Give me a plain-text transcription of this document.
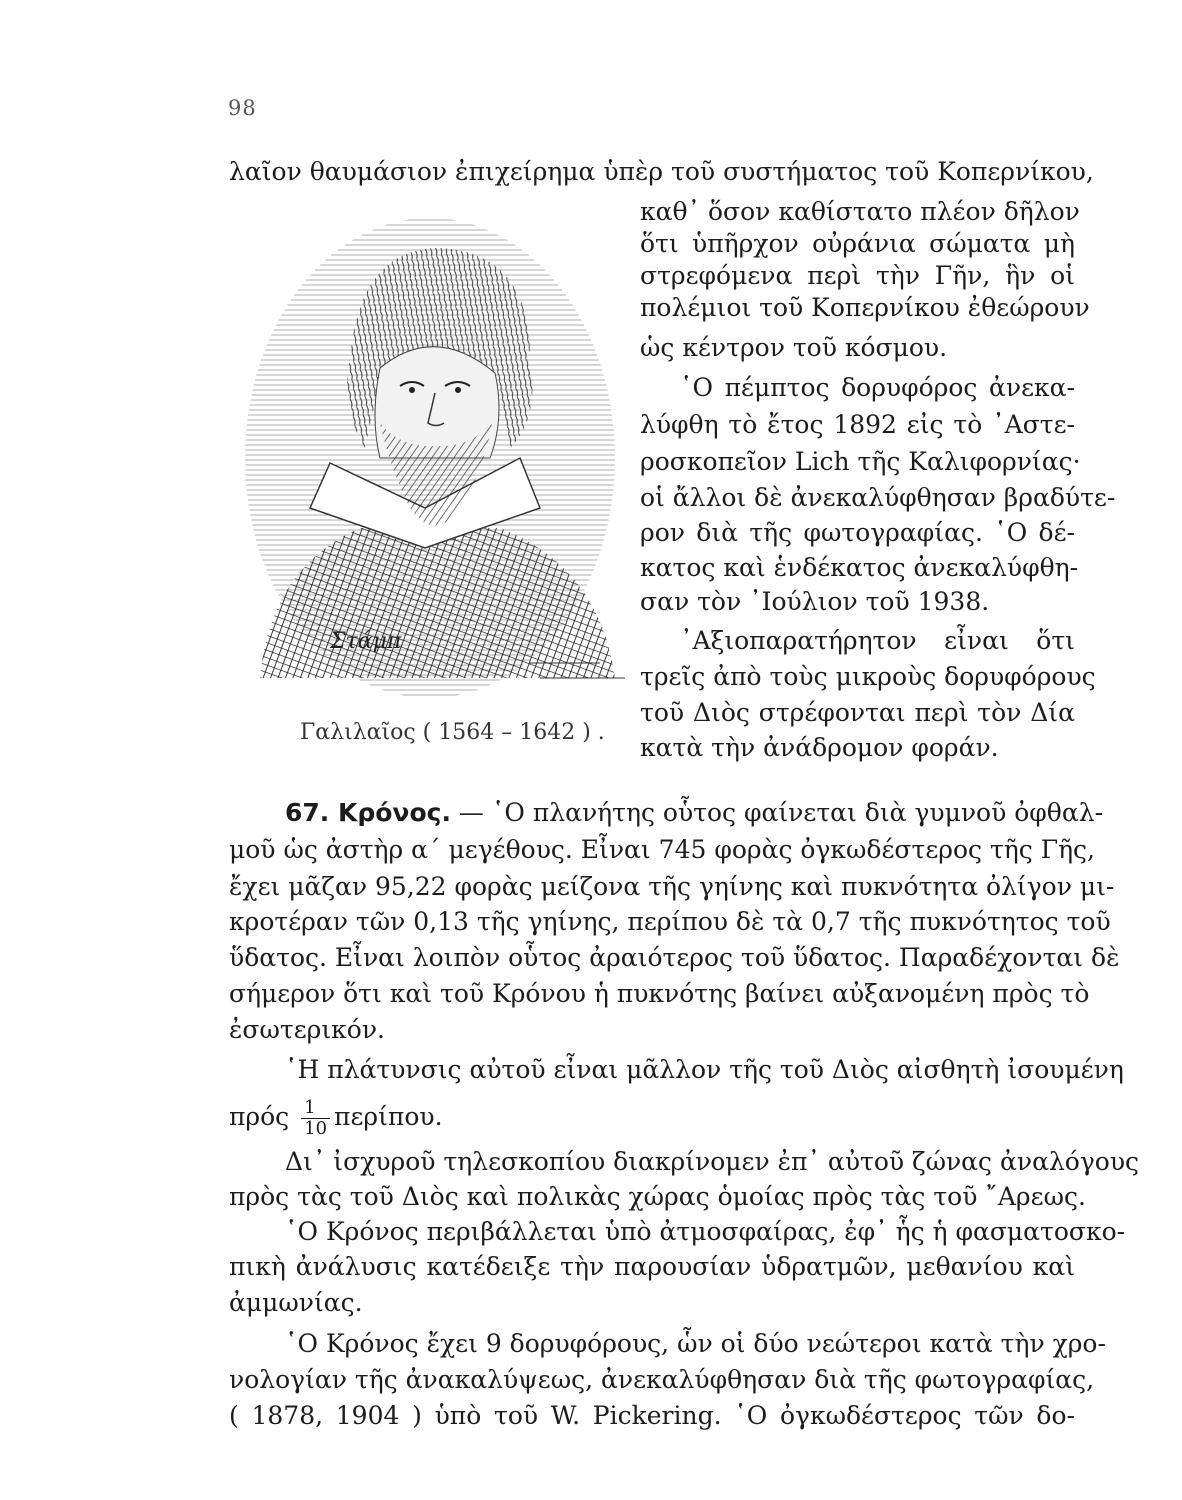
98
λαῖον θαυμάσιον ἐπιχείρημα ὑπὲρ τοῦ συστήματος τοῦ Κοπερνίκου,
καθ᾿ ὅσον καθίστατο πλέον δῆλον
ὅτι ὑπῆρχον οὐράνια σώματα μὴ
στρεφόμενα περὶ τὴν Γῆν, ἣν οἱ
πολέμιοι τοῦ Κοπερνίκου ἐθεώρουν
ὡς κέντρον τοῦ κόσμου.
῾Ο πέμπτος δορυφόρος ἀνεκα-
λύφθη τὸ ἔτος 1892 εἰς τὸ ᾿Αστε-
ροσκοπεῖον Lich τῆς Καλιφορνίας·
οἱ ἄλλοι δὲ ἀνεκαλύφθησαν βραδύτε-
ρον διὰ τῆς φωτογραφίας. ῾Ο δέ-
κατος καὶ ἑνδέκατος ἀνεκαλύφθη-
σαν τὸν ᾿Ιούλιον τοῦ 1938.
᾿Αξιοπαρατήρητον εἶναι ὅτι
τρεῖς ἀπὸ τοὺς μικροὺς δορυφόρους
τοῦ Διὸς στρέφονται περὶ τὸν Δία
κατὰ τὴν ἀνάδρομον φοράν.
Στάμπ
Γαλιλαῖος ( 1564 – 1642 ) .
67. Κρόνος. — ῾Ο πλανήτης οὗτος φαίνεται διὰ γυμνοῦ ὀφθαλ-
μοῦ ὡς ἀστὴρ α΄ μεγέθους. Εἶναι 745 φορὰς ὀγκωδέστερος τῆς Γῆς,
ἔχει μᾶζαν 95,22 φορὰς μείζονα τῆς γηίνης καὶ πυκνότητα ὀλίγον μι-
κροτέραν τῶν 0,13 τῆς γηίνης, περίπου δὲ τὰ 0,7 τῆς πυκνότητος τοῦ
ὕδατος. Εἶναι λοιπὸν οὗτος ἀραιότερος τοῦ ὕδατος. Παραδέχονται δὲ
σήμερον ὅτι καὶ τοῦ Κρόνου ἡ πυκνότης βαίνει αὐξανομένη πρὸς τὸ
ἐσωτερικόν.
῾Η πλάτυνσις αὐτοῦ εἶναι μᾶλλον τῆς τοῦ Διὸς αἰσθητὴ ἰσουμένη
πρός $\frac{1}{10} \pi\varepsilon\rho ί\pi o\upsilon$.
Δι᾿ ἰσχυροῦ τηλεσκοπίου διακρίνομεν ἐπ᾿ αὐτοῦ ζώνας ἀναλόγους
πρὸς τὰς τοῦ Διὸς καὶ πολικὰς χώρας ὁμοίας πρὸς τὰς τοῦ ῎Αρεως.
῾Ο Κρόνος περιβάλλεται ὑπὸ ἀτμοσφαίρας, ἐφ᾿ ἧς ἡ φασματοσκο-
πικὴ ἀνάλυσις κατέδειξε τὴν παρουσίαν ὑδρατμῶν, μεθανίου καὶ
ἀμμωνίας.
῾Ο Κρόνος ἔχει 9 δορυφόρους, ὧν οἱ δύο νεώτεροι κατὰ τὴν χρο-
νολογίαν τῆς ἀνακαλύψεως, ἀνεκαλύφθησαν διὰ τῆς φωτογραφίας,
( 1878, 1904 ) ὑπὸ τοῦ W. Pickering. ῾Ο ὀγκωδέστερος τῶν δο-
